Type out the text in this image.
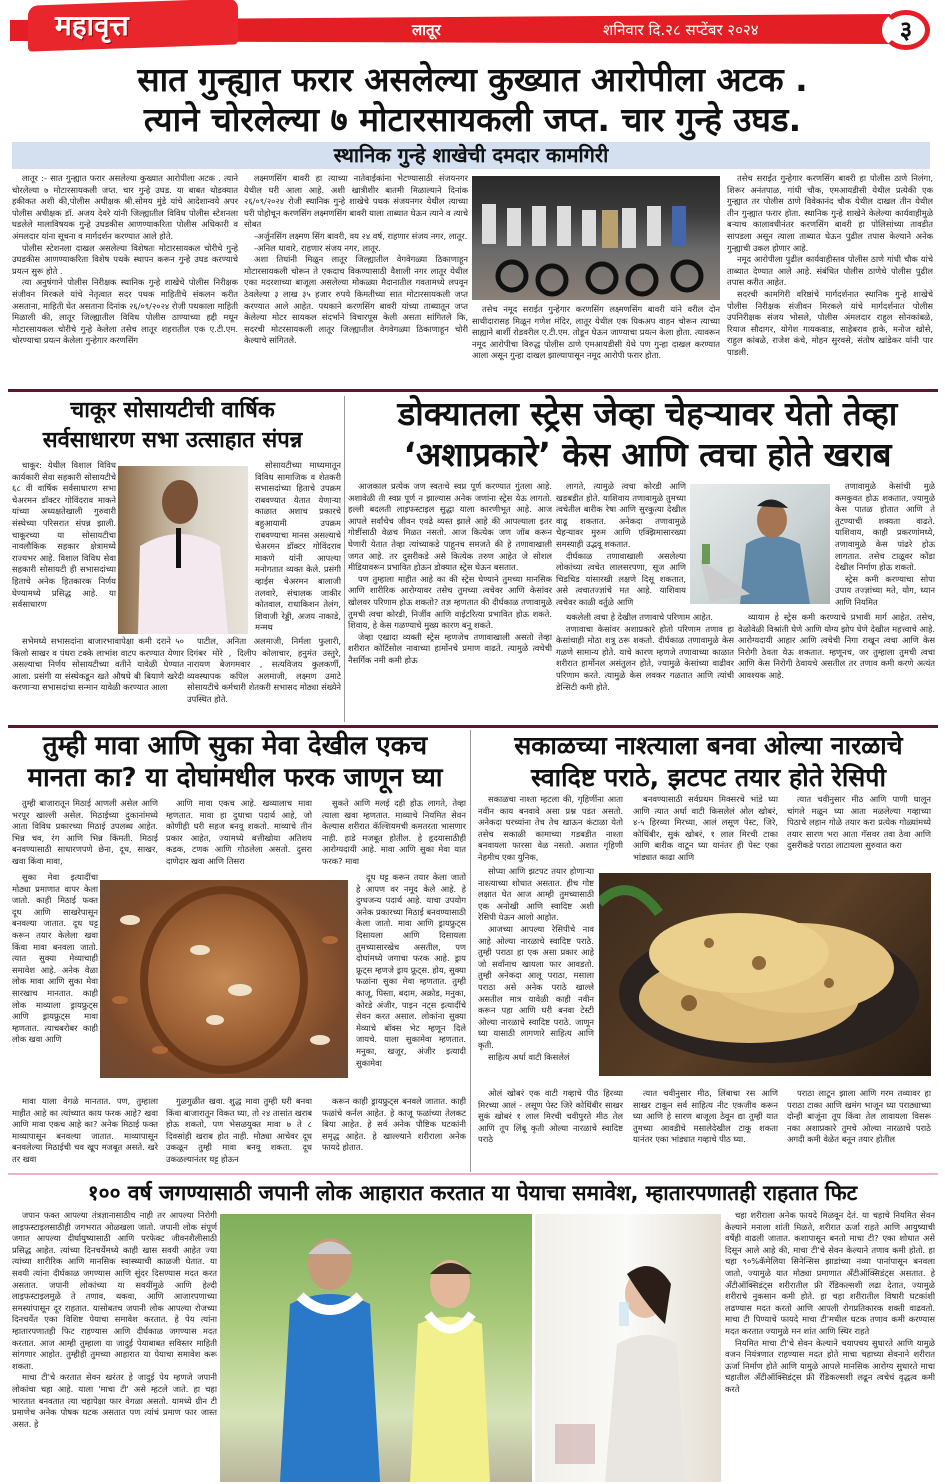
महावृत्त	लातूर	शनिवार दि.२८ सप्टेंबर २०२४	३
सात गुन्ह्यात फरार असलेल्या कुख्यात आरोपीला अटक .
त्याने चोरलेल्या ७ मोटारसायकली जप्त. चार गुन्हे उघड.
स्थानिक गुन्हे शाखेची दमदार कामगिरी

लातूर :- सात गुन्ह्यात फरार असलेल्या कुख्यात आरोपीला अटक . त्याने चोरलेल्या ७ मोटारसायकली जप्त. चार गुन्हे उघड. या बाबत थोडक्यात हकीकत अशी की,पोलीस अधीक्षक श्री.सोमय मुंडे यांचे आदेशान्वये अपर पोलीस अधीक्षक डॉ. अजय देवरे यांनी जिल्ह्यातील विविध पोलीस स्टेशनला घडलेले मालाविषयक गुन्हे उघडकीस आणण्याकरिता पोलीस अधिकारी व अंमलदार यांना सूचना व मार्गदर्शन करण्यात आले होते.

पोलीस स्टेशनला दाखल असलेल्या विशेषतः मोटारसायकल चोरीचे गुन्हे उघडकीस आणण्याकरिता विशेष पथके स्थापन करून गुन्हे उघड करण्याचे प्रयत्न सुरू होते .

त्या अनुषंगाने पोलीस निरीक्षक स्थानिक गुन्हे शाखेचे पोलीस निरीक्षक संजीवन मिरकले यांचे नेतृत्वात सदर पथक माहितीचे संकलन करीत असताना, माहिती घेत असताना दिनांक २६/०९/२०२४ रोजी पथकाला माहिती मिळाली की, लातूर जिल्ह्यातील विविध पोलीस ठाण्याच्या हद्दी मधून मोटारसायकल चोरीचे गुन्हे केलेला तसेच लातूर शहरातील एक ए.टी.एम. चोरण्याचा प्रयत्न केलेला गुन्हेगार करणसिंग

लक्ष्मणसिंग बावरी हा त्याच्या नातेवाईकांना भेटण्यासाठी संजयनगर येथील घरी आला आहे. अशी खात्रीशीर बातमी मिळाल्याने दिनांक २६/०९/२०२४ रोजी स्थानिक गुन्हे शाखेचे पथक संजयनगर येथील त्याच्या घरी पोहोचून करणसिंग लक्ष्मणसिंग बावरी याला ताब्यात घेऊन त्याने व त्याचे सोबत

-अर्जुनसिंग लक्ष्मण सिंग बावरी, वय २४ वर्ष, राहणार संजय नगर, लातूर.

-अनिल धावारे, राहणार संजय नगर, लातूर.

अशा तिघांनी मिळून लातूर जिल्ह्यातील वेगवेगळ्या ठिकाणाहून मोटारसायकली चोरून ते एकदाच विकण्यासाठी वैशाली नगर लातूर येथील एका मदरशाच्या बाजूला असलेल्या मोकळ्या मैदानातील गवतामध्ये लपवून ठेवलेल्या ३ लाख ३५ हजार रुपये किमतीच्या सात मोटारसायकली जप्त करण्यात आले आहेत. पथकाने करणसिंग बावरी यांच्या ताब्यातून जप्त केलेल्या मोटर सायकल संदर्भाने विचारपूस केली असता सांगितले कि, सदरची मोटरसायकली लातूर जिल्ह्यातील वेगवेगळ्या ठिकाणाहून चोरी केल्याचे सांगितले.

तसेच नमूद सराईत गुन्हेगार करणसिंग लक्ष्मणसिंग बावरी यांने वरील दोन साथीदारासह मिळून गणेश मंदिर, लातूर येथील एक पिकअप वाहन चोरून त्याच्या साह्याने बार्शी रोडवरील ए.टी.एम. तोडून घेऊन जाण्याचा प्रयत्न केला होता. त्यावरून नमूद आरोपीचा विरुद्ध पोलीस ठाणे एमआयडीसी येथे पण गुन्हा दाखल करण्यात आला असून गुन्हा दाखल झाल्यापासून नमूद आरोपी फरार होता.

तसेच सराईत गुन्हेगार करणसिंग बावरी हा पोलीस ठाणे निलंगा, शिरूर अनंतपाळ, गांधी चौक, एमआयडीसी येथील प्रत्येकी एक गुन्ह्यात तर पोलीस ठाणे विवेकानंद चौक येथील दाखल तीन येथील तीन गुन्ह्यात फरार होता. स्थानिक गुन्हे शाखेने केलेल्या कार्यवाहीमुळे बऱ्याच कालावधीनंतर करणसिंग बावरी हा पोलिसांच्या तावडीत सापडला असून त्याला ताब्यात घेऊन पुढील तपास केल्याने अनेक गुन्ह्याची उकल होणार आहे.

नमूद आरोपीला पुढील कार्यवाहीस्तव पोलीस ठाणे गांधी चौक यांचे ताब्यात देण्यात आले आहे. संबंधित पोलीस ठाणेचे पोलीस पुढील तपास करीत आहेत.

सदरची कामगिरी वरिष्ठांचे मार्गदर्शनात स्थानिक गुन्हे शाखेचे पोलीस निरीक्षक संजीवन मिरकले यांचे मार्गदर्शनात पोलीस उपनिरीक्षक संजय भोसले, पोलीस अंमलदार राहुल सोनकांबळे, रियाज सौदागर, योगेश गायकवाड, साहेबराव हाके, मनोज खोसे, राहुल कांबळे, राजेश कंचे, मोहन सुरवसे, संतोष खांडेकर यांनी पार पाडली.

चाकूर सोसायटीची वार्षिक
सर्वसाधारण सभा उत्साहात संपन्न

चाकूर: येथील विशाल विविध कार्यकारी सेवा सहकारी सोसायटीचे ६८ वी वार्षिक सर्वसाधारण सभा चेअरमन डॉक्टर गोविंदराव माकने यांच्या अध्यक्षतेखाली गुरुवारी संस्थेच्या परिसरात संपन्न झाली. चाकूरच्या या सोसायटीचा नावलौकिक सहकार क्षेत्रामध्ये राज्यभर आहे. विशाल विविध सेवा सहकारी सोसायटी ही सभासदांच्या हिताचे अनेक हितकारक निर्णय घेण्यामध्ये प्रसिद्ध आहे. या सर्वसाधारण

सोसायटीच्या माध्यमातून विविध सामाजिक व शेतकरी सभासदांच्या हिताचे उपक्रम राबवण्यात येतात येणाऱ्या काळात अशाच प्रकारचे बहुआयामी उपक्रम राबवण्याचा मानस असल्याचे चेअरमन डॉक्टर गोविंदराव माकणे यांनी आपल्या मनोगतात व्यक्त केले. प्रसंगी व्हाईस चेअरमन बालाजी तलवारे, संचालक जाकीर कोतवाल, राधाकिशन तेलंग, शिवाजी रेड्डी, अजय नाकाडे, मन्मथ

सभेमध्ये सभासदांना बाजारभावापेक्षा कमी दराने ५० किलो साखर व पंधरा टक्के लाभांश वाटप करण्यात येणार असल्याचा निर्णय सोसायटीच्या वतीने यावेळी घेण्यात आला. प्रसंगी या संस्थेकडून खते औषधे बी बियाणे खरेदी करणाऱ्या सभासदांचा सन्मान यावेळी करण्यात आला

पाटील, अनिता अलमाजी, निर्मला फुलारी, दिगंबर मोरे , दिलीप कोलाचार, हनुमंत उस्तुरे, नारायण बेजगमवार , सत्यविजय कुलकर्णी, व्यवस्थापक कपिल अलमाजी, लक्ष्मण उमाटे सोसायटीचे कर्मचारी शेतकरी सभासद मोठ्या संख्येने उपस्थित होते.

डोक्यातला स्ट्रेस जेव्हा चेहऱ्यावर येतो तेव्हा
‘अशाप्रकारे’ केस आणि त्वचा होते खराब

आजकाल प्रत्येक जण स्वतःचे स्वप्न पूर्ण करण्यात गुंतला आहे. अशावेळी ती स्वप्न पूर्ण न झाल्यास अनेक जणांना स्ट्रेस येऊ लागतो. हल्ली बदलती लाइफस्टाइल सुद्धा याला कारणीभूत आहे. आज आपले सर्वांचेच जीवन एवढे व्यस्त झाले आहे की आपल्याला इतर गोष्टींसाठी वेळच मिळत नसतो. आज कित्येक जण जॉब करून घेणारी येतात तेव्हा त्यांच्याकडे पाहूनच समजते की हे तणावाखाली जगत आहे. तर दुसरीकडे असे कित्येक तरुण आहेत जे सोशल मीडियावरून प्रभावित होऊन डोक्यात स्ट्रेस घेऊन बसतात.

पण तुम्हाला माहीत आहे का की स्ट्रेस घेण्याने तुमच्या मानसिक आणि शारीरिक आरोग्यावर तसेच तुमच्या त्वचेवर आणि केसांवर खोलवर परिणाम होऊ शकतो? तज्ञ म्हणतात की दीर्घकाळ तणावामुळे तुमची त्वचा कोरडी, निर्जीव आणि वाईटरित्या प्रभावित होऊ शकते. शिवाय, हे केस गळण्याचे मुख्य कारण बनू शकते.

जेव्हा एखादा व्यक्ती स्ट्रेस म्हणजेच तणावाखाली असतो तेव्हा शरीरात कोर्टिसोल नावाच्या हार्मोनचे प्रमाण वाढते. त्यामुळे त्वचेची नैसर्गिक नमी कमी होऊ

लागते, त्यामुळे त्वचा कोरडी आणि खडबडीत होते. याशिवाय तणावामुळे तुमच्या त्वचेतील बारीक रेषा आणि सुरकुत्या देखील वाढू शकतात. अनेकदा तणावामुळे चेहऱ्यावर मुरुम आणि एक्झिमासारख्या समस्याही उद्भवू शकतात.

दीर्घकाळ तणावाखाली असलेल्या लोकांच्या त्वचेत लालसरपणा, सूज आणि चिडचिड यांसारखी लक्षणे दिसू शकतात, असे त्वचातज्ज्ञांचे मत आहे. याशिवाय त्वचेवर काळी वर्तुळे आणि

तणावामुळे केसांची मुळे कमकुवत होऊ शकतात, ज्यामुळे केस पातळ होतात आणि ते तुटण्याची शक्यता वाढते. याशिवाय, काही प्रकरणांमध्ये, तणावामुळे केस पांढरे होऊ लागतात. तसेच टाळूवर कोंडा देखील निर्माण होऊ शकतो.

स्ट्रेस कमी करण्याचा सोपा उपाय तज्ज्ञांच्या मते, योग, ध्यान आणि नियमित

थकलेली त्वचा हे देखील तणावाचे परिणाम आहेत.

तणावाचा केसांवर अशाप्रकारे होतो परिणाम तणाव हा केसांचाही मोठा शत्रू ठरू शकतो. दीर्घकाळ तणावामुळे केस गळणे सामान्य होते. याचे कारण म्हणजे तणावाच्या काळात शरीरात हार्मोनल असंतुलन होते, ज्यामुळे केसांच्या वाढीवर परिणाम करते. त्यामुळे केस लवकर गळतात आणि त्यांची डेन्सिटी कमी होते.

व्यायाम हे स्ट्रेस कमी करण्याचे प्रभावी मार्ग आहेत. तसेच, वेळोवेळी विश्रांती घेणे आणि योग्य झोप घेणे देखील महत्त्वाचे आहे. आरोग्यदायी आहार आणि त्वचेची निगा राखून त्वचा आणि केस निरोगी ठेवता येऊ शकतात. म्हणूनच, जर तुम्हाला तुमची त्वचा आणि केस निरोगी ठेवायचे असतील तर तणाव कमी करणे अत्यंत आवश्यक आहे.

तुम्ही मावा आणि सुका मेवा देखील एकच
मानता का? या दोघांमधील फरक जाणून घ्या

तुम्ही बाजारातून मिठाई आणली असेल आणि भरपूर खाल्ली असेल. मिठाईच्या दुकानांमध्ये आता विविध प्रकारच्या मिठाई उपलब्ध आहेत. भिन्न चव, रंग आणि भिन्न किंमती. मिठाई बनवण्यासाठी साधारणपणे छेना, दूध, साखर, खवा किंवा मावा,

आणि मावा एकच आहे. खव्यालाच मावा म्हणतात. मावा हा दुधाचा पदार्थ आहे, जो कोणीही घरी सहज बनवू शकतो. माव्याचे तीन प्रकार आहेत, ज्यामध्ये बत्तीखोया अतिशय कडक, टणक आणि गोठलेला असतो. दुसरा दाणेदार खवा आणि तिसरा

सुकते आणि मलई दही होऊ लागते, तेव्हा त्याला खवा म्हणतात. माव्याचे नियमित सेवन केल्यास शरीरात कॅल्शियमची कमतरता भासणार नाही. हाडे मजबूत होतील. हे हृदयासाठीही आरोग्यदायी आहे. मावा आणि सुका मेवा यात फरक? मावा

सुका मेवा इत्यादींचा मोठ्या प्रमाणात वापर केला जातो. काही मिठाई फक्त दूध आणि साखरेपासून बनवल्या जातात. दूध घट्ट करून तयार केलेला खवा किंवा मावा बनवला जातो. त्यात सुक्या मेव्याचाही समावेश आहे. अनेक वेळा लोक मावा आणि सुका मेवा सारखाच मानतात. काही लोक माव्याला ड्रायफ्रुट्स आणि ड्रायफ्रुट्स मावा म्हणतात. त्याचबरोबर काही लोक खवा आणि

दूध घट्ट करून तयार केला जातो हे आपण वर नमूद केले आहे. हे दुग्धजन्य पदार्थ आहे. याचा उपयोग अनेक प्रकारच्या मिठाई बनवण्यासाठी केला जातो. मावा आणि ड्रायफ्रुट्स दिसायला आणि दिसायला तुमच्यासारखेच असतील, पण दोघांमध्ये जगाचा फरक आहे. ड्राय फ्रूट्स म्हणजे ड्राय फ्रूट्स. होय, सुक्या फळांना सुका मेवा म्हणतात. तुम्ही काजू, पिस्ता, बदाम, अक्रोड, मनुका, कोरडे अंजीर, पाइन नट्स इत्यादींचे सेवन करत असाल. लोकांना सुक्या मेव्याचे बॉक्स भेट म्हणून दिले जायचे. याला सुकामेवा म्हणतात. मनुका, खजूर, अंजीर इत्यादी सुकामेवा

मावा याला वेगळे मानतात. पण, तुम्हाला माहीत आहे का त्यांच्यात काय फरक आहे? खवा आणि मावा एकच आहे का? अनेक मिठाई फक्त माव्यापासून बनवल्या जातात. माव्यापासून बनवलेल्या मिठाईची चव खूप मजबूत असते. खरे तर खवा

गुळगुळीत खवा. शुद्ध मावा तुम्ही घरी बनवा किंवा बाजारातून विकत घ्या, तो २४ तासांत खराब होऊ शकतो, पण भेसळयुक्त मावा ७ ते ८ दिवसांही खराब होत नाही. मोठ्या आचेवर दूध उकळून तुम्ही मावा बनवू शकता. दूध उकळल्यानंतर घट्ट होऊन

करून काही ड्रायफ्रुट्स बनवले जातात. काही फळांचे कर्नल आहेत. हे काजू फळांच्या तेलकट बिया आहेत. हे सर्व अनेक पौष्टिक घटकांनी समृद्ध आहेत. हे खाल्ल्याने शरीराला अनेक फायदे होतात.

सकाळच्या नाश्त्याला बनवा ओल्या नारळाचे
स्वादिष्ट पराठे, झटपट तयार होते रेसिपी

सकाळचा नाश्ता म्हटला की, गृहिणींना आता नवीन काय बनवावे असा प्रश्न पडत असतो. अनेकदा घरच्यांना तेच तेच खाऊन कंटाळा येतो तसेच सकाळी कामाच्या गडबडीत नाश्ता बनवायला फारसा वेळ नसतो. अशात गृहिणी नेहमीच एका युनिक,

बनवण्यासाठी सर्वप्रथम मिक्सरचे भांडे घ्या आणि त्यात अर्धा वाटी किसलेलं ओल खोबरं, ४-५ हिरव्या मिरच्या, आलं लसूण पेस्ट, जिरे, कोथिंबीर, सुकं खोबरं, १ लाल मिरची टाका आणि बारीक वाटून घ्या यानंतर ही पेस्ट एका भांड्यात काढा आणि

त्यात चवीनुसार मीठ आणि पाणी घालून चांगले मळून घ्या आता मळलेल्या गव्हाच्या पिठाचे लहान गोळे तयार करा प्रत्येक गोळ्यांमध्ये तयार सारण भरा आता गॅसवर तवा ठेवा आणि दुसरीकडे पराठा लाटायला सुरुवात करा

सोप्या आणि झटपट तयार होणाऱ्या नाश्त्याच्या शोधात असतात. हीच गोष्ट लक्षात घेत आज आम्ही तुमच्यासाठी एक अनोखी आणि स्वादिष्ट अशी रेसिपी घेऊन आलो आहोत.

आजच्या आपल्या रेसिपीचे नाव आहे ओल्या नारळाचे स्वादिष्ट पराठे. तुम्ही पराठा हा एक असा प्रकार आहे जो सर्वांनाच खायला फार आवडतो. तुम्ही अनेकदा आलू पराठा, मसाला पराठा असे अनेक पराठे खाल्ले असतील मात्र यावेळी काही नवीन करून पहा आणि घरी बनवा टेस्टी ओल्या नारळाचे स्वादिष्ट पराठे. जाणून घ्या यासाठी लागणारे साहित्य आणि कृती.

साहित्य अर्धा वाटी किसलेलं

ओलं खोबरं एक वाटी गव्हाचे पीठ हिरव्या मिरच्या आलं - लसूण पेस्ट जिरे कोथिंबीर साखर सुकं खोबरं १ लाल मिरची चवीपुरते मीठ तेल आणि तूप लिंबू कृती ओल्या नारळाचे स्वादिष्ट पराठे

त्यात चवीनुसार मीठ, लिंबाचा रस आणि साखर टाकून सर्व साहित्य नीट एकजीव करून घ्या आणि हे सारण बाजूला ठेवून द्या तुम्ही यात तुमच्या आवडीचे मसालेदेखील टाकू शकता यानंतर एका भांड्यात गव्हाचे पीठ घ्या.

पराठा लाटून झाला आणि गरम तव्यावर हा पराठा टाका आणि खमंग भाजून घ्या पराठ्याच्या दोन्ही बाजूंना तूप किंवा तेल लावायला विसरू नका अशाप्रकारे तुमचे ओल्या नारळाचे पराठे अगदी कमी वेळेत बनून तयार होतील

१०० वर्ष जगण्यासाठी जपानी लोक आहारात करतात या पेयाचा समावेश, म्हातारपणातही राहतात फिट

जपान फक्त आपल्या तंत्रज्ञानासाठीच नाही तर आपल्या निरोगी लाइफस्टाइलसाठीही जगभरात ओळखला जातो. जपानी लोक संपूर्ण जगात आपल्या दीर्घायुष्यासाठी आणि परफेक्ट जीवनशैलीसाठी प्रसिद्ध आहेत. त्यांच्या दिनचर्येमध्ये काही खास सवयी आहेत ज्या त्यांच्या शारीरिक आणि मानसिक स्वास्थ्याची काळजी घेतात. या सवयी त्यांना दीर्घकाळ जगण्यास आणि सुंदर दिसण्यास मदत करत असतात. जपानी लोकांच्या या सवयींमुळे आणि हेल्दी लाइफस्टाइलमुळे ते तणाव, थकवा, आणि आजारपणाच्या समस्यांपासून दूर राहतात. यासोबतच जपानी लोक आपल्या रोजच्या दिनचर्येत एका विशिष्ट पेयाचा समावेश करतात. हे पेय त्यांना म्हातारपणातही फिट राहण्यास आणि दीर्घकाळ जगण्यास मदत करतात. आज आम्ही तुम्हाला या जादुई पेयाबाबत सविस्तर माहिती सांगणार आहोत. तुम्हीही तुमच्या आहारात या पेयाचा समावेश करू शकता.

माचा टी'चे करतात सेवन खरंतर हे जादुई पेय म्हणजे जपानी लोकांचा चहा आहे. याला 'माचा टी' असे म्हटले जाते. हा चहा भारतात बनवतात त्या चहापेक्षा फार वेगळा असतो. यामध्ये ग्रीन टी प्रमाणेच अनेक पोषक घटक असतात पण त्यांचं प्रमाण फार जास्त असत. हे

चहा शरीराला अनेक फायदे मिळवून देतं. या चहाचे नियमित सेवन केल्याने मनाला शांती मिळते, शरीरात ऊर्जा राहते आणि आयुष्याची वर्षेही वाढली जातात. कशापासून बनतो माचा टी? एका शोधात असे दिसून आले आहे की, माचा टी'चे सेवन केल्याने तणाव कमी होतो. हा चहा ९०%कॅमेलिया सिनेन्सिस झाडांच्या नव्या पानांपासून बनवला जातो, ज्यामुळे यात मोठ्या प्रमाणात अँटीऑक्सिडंट्स असतात. हे अँटीऑक्सिडंट्स शरीरातील फ्री रॅडिकल्सशी लढा देतात, ज्यामुळे शरीराचे नुकसान कमी होते. हा चहा शरीरातील विषारी घटकांशी लढण्यास मदत करतो आणि आपली रोगप्रतिकारक शक्ती वाढवतो. माचा टी पिण्याचे फायदे माचा टी'मधील घटक तणाव कमी करण्यास मदत करतात ज्यामुळे मन शांत आणि स्थिर राहते

नियमित माचा टी'चे सेवन केल्याने चयापचय सुधारते आणि यामुळे वजन नियंत्रणात राहण्यास मदत होते माचा चहाच्या सेवनाने शरीरात ऊर्जा निर्माण होते आणि यामुळे आपले मानसिक आरोग्य सुधारते माचा चहातील अँटीऑक्सिडंट्स फ्री रॅडिकल्सशी लढून त्वचेचं वृद्धत्व कमी करते
